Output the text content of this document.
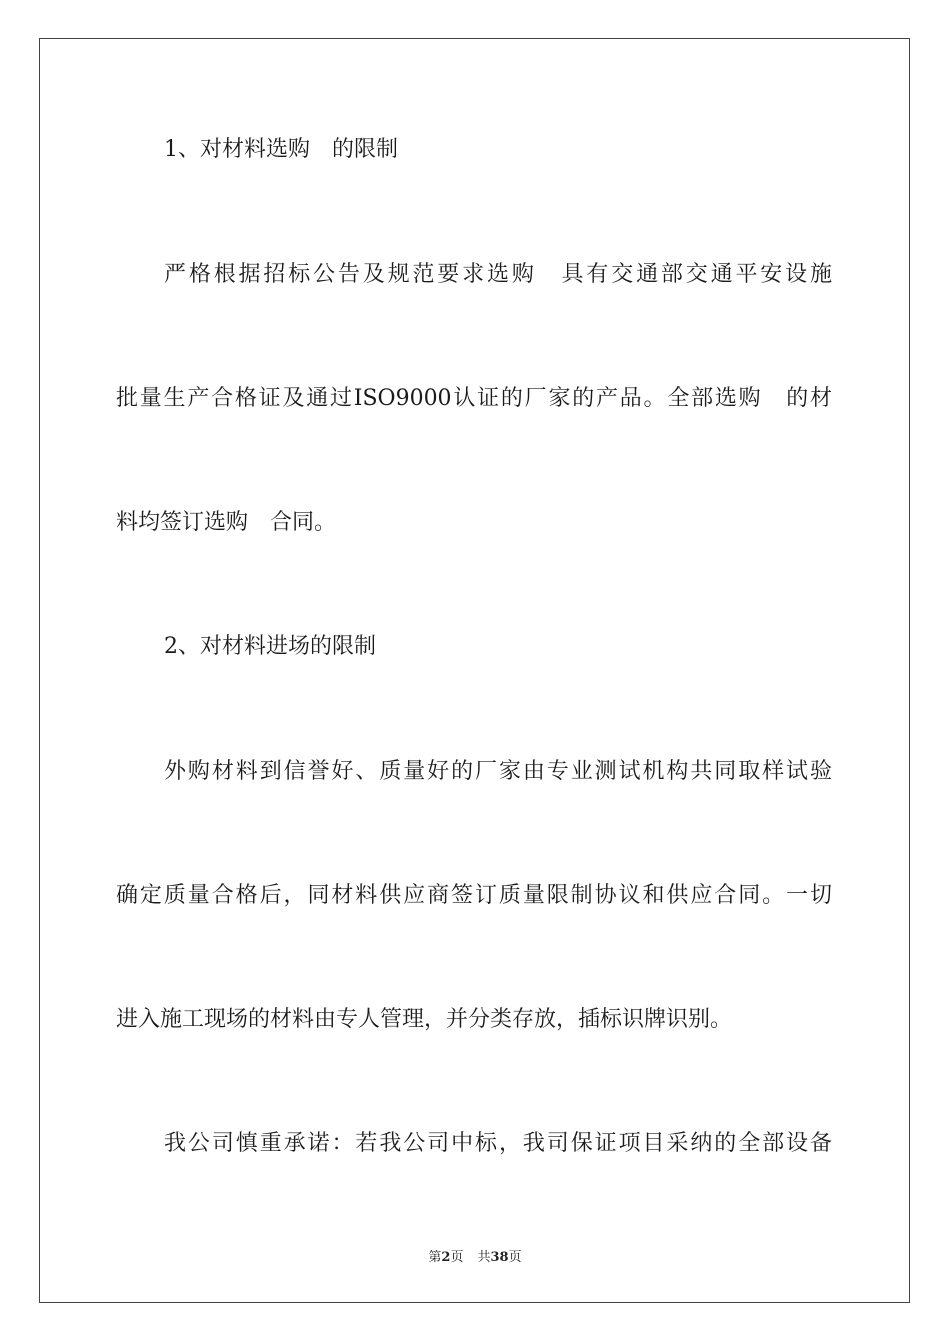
1、对材料选购　的限制
严格根据招标公告及规范要求选购　具有交通部交通平安设施
批量生产合格证及通过ISO9000认证的厂家的产品。全部选购　的材
料均签订选购　合同。
2、对材料进场的限制
外购材料到信誉好、质量好的厂家由专业测试机构共同取样试验
确定质量合格后，同材料供应商签订质量限制协议和供应合同。一切
进入施工现场的材料由专人管理，并分类存放，插标识牌识别。
我公司慎重承诺：若我公司中标，我司保证项目采纳的全部设备
第2页 共38页
